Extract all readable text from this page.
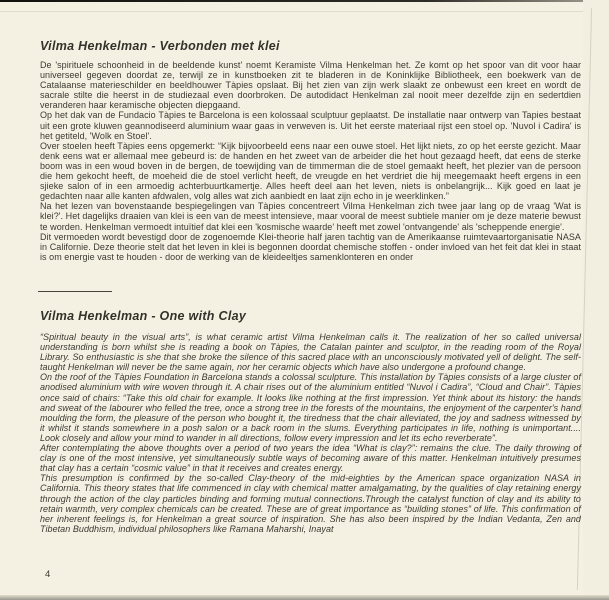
Vilma Henkelman - Verbonden met klei

De 'spirituele schoonheid in de beeldende kunst' noemt Keramiste Vilma Henkelman het. Ze komt op het spoor van dit voor haar universeel gegeven doordat ze, terwijl ze in kunstboeken zit te bladeren in de Koninklijke Bibliotheek, een boekwerk van de Catalaanse materieschilder en beeldhouwer Tàpies opslaat. Bij het zien van zijn werk slaakt ze onbewust een kreet en wordt de sacrale stilte die heerst in de studiezaal even doorbroken. De autodidact Henkelman zal nooit meer dezelfde zijn en sedertdien veranderen haar keramische objecten diepgaand.

Op het dak van de Fundacio Tàpies te Barcelona is een kolossaal sculptuur geplaatst. De installatie naar ontwerp van Tapies bestaat uit een grote kluwen geannodiseerd aluminium waar gaas in verweven is. Uit het eerste materiaal rijst een stoel op. 'Nuvol i Cadira' is het getiteld, 'Wolk en Stoel'.

Over stoelen heeft Tàpies eens opgemerkt: “Kijk bijvoorbeeld eens naar een ouwe stoel. Het lijkt niets, zo op het eerste gezicht. Maar denk eens wat er allemaal mee gebeurd is: de handen en het zweet van de arbeider die het hout gezaagd heeft, dat eens de sterke boom was in een woud boven in de bergen, de toewijding van de timmerman die de stoel gemaakt heeft, het plezier van de persoon die hem gekocht heeft, de moeheid die de stoel verlicht heeft, de vreugde en het verdriet die hij meegemaakt heeft ergens in een sjieke salon of in een armoedig achterbuurtkamertje. Alles heeft deel aan het leven, niets is onbelangrijk... Kijk goed en laat je gedachten naar alle kanten afdwalen, volg alles wat zich aanbiedt en laat zijn echo in je weerklinken.”

Na het lezen van bovenstaande bespiegelingen van Tàpies concentreert Vilma Henkelman zich twee jaar lang op de vraag 'Wat is klei?'. Het dagelijks draaien van klei is een van de meest intensieve, maar vooral de meest subtiele manier om je deze materie bewust te worden. Henkelman vermoedt intuïtief dat klei een 'kosmische waarde' heeft met zowel 'ontvangende' als 'scheppende energie'.

Dit vermoeden wordt bevestigd door de zogenoemde Klei-theorie half jaren tachtig van de Amerikaanse ruimtevaartorganisatie NASA in Californie. Deze theorie stelt dat het leven in klei is begonnen doordat chemische stoffen - onder invloed van het feit dat klei in staat is om energie vast te houden - door de werking van de kleideeltjes samenklonteren en onder

Vilma Henkelman - One with Clay

“Spiritual beauty in the visual arts”, is what ceramic artist Vilma Henkelman calls it. The realization of her so called universal understanding is born whilst she is reading a book on Tàpies, the Catalan painter and sculptor, in the reading room of the Royal Library. So enthusiastic is she that she broke the silence of this sacred place with an unconsciously motivated yell of delight. The self-taught Henkelman will never be the same again, nor her ceramic objects which have also undergone a profound change.

On the roof of the Tàpies Foundation in Barcelona stands a colossal sculpture. This installation by Tàpies consists of a large cluster of anodised aluminium with wire woven through it. A chair rises out of the aluminium entitled “Nuvol i Cadira”, “Cloud and Chair”. Tàpies once said of chairs: “Take this old chair for example. It looks like nothing at the first impression. Yet think about its history: the hands and sweat of the labourer who felled the tree, once a strong tree in the forests of the mountains, the enjoyment of the carpenter's hand moulding the form, the pleasure of the person who bought it, the tiredness that the chair alleviated, the joy and sadness witnessed by it whilst it stands somewhere in a posh salon or a back room in the slums. Everything participates in life, nothing is unimportant.... Look closely and allow your mind to wander in all directions, follow every impression and let its echo reverberate”.

After contemplating the above thoughts over a period of two years the idea “What is clay?”: remains the clue. The daily throwing of clay is one of the most intensive, yet simultaneously subtle ways of becoming aware of this matter. Henkelman intuitively presumes that clay has a certain “cosmic value” in that it receives and creates energy.

This presumption is confirmed by the so-called Clay-theory of the mid-eighties by the American space organization NASA in California. This theory states that life commenced in clay with chemical matter amalgamating, by the qualities of clay retaining energy through the action of the clay particles binding and forming mutual connections.Through the catalyst function of clay and its ability to retain warmth, very complex chemicals can be created. These are of great importance as “building stones” of life. This confirmation of her inherent feelings is, for Henkelman a great source of inspiration. She has also been inspired by the Indian Vedanta, Zen and Tibetan Buddhism, individual philosophers like Ramana Maharshi, Inayat

4
